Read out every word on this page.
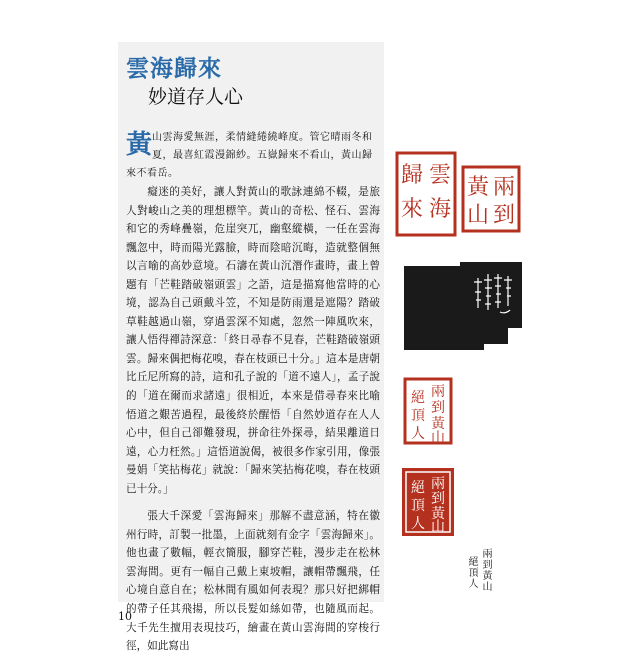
雲海歸來
妙道存人心
黃 山雲海愛無涯，柔情縫綣繞峰度。管它晴雨冬和
夏，最喜紅霞漫錦紗。五嶽歸來不看山，黃山歸
來不看岳。

癡迷的美好，讓人對黃山的歌詠連綿不輟，是旅人對峻山之美的理想標竿。黃山的奇松、怪石、雲海和它的秀峰疊嶺，危崖突兀，幽壑縱橫，一任在雲海飄忽中，時而陽光露臉，時而陰暗沉晦，造就整個無以言喻的高妙意境。石濤在黃山沉潛作畫時，畫上曾題有「芒鞋踏破嶺頭雲」之語，這是描寫他當時的心境，認為自己頭戴斗笠，不知是防雨還是遮陽？踏破草鞋越過山嶺，穿過雲深不知處，忽然一陣風吹來，讓人悟得禪詩深意：「終日尋春不見春，芒鞋踏破嶺頭雲。歸來偶把梅花嗅，春在枝頭已十分。」這本是唐朝比丘尼所寫的詩，這和孔子說的「道不遠人」，孟子說的「道在爾而求諸遠」很相近，本來是借尋春來比喻悟道之艱苦過程，最後終於醒悟「自然妙道存在人人心中，但自己卻難發現，拼命往外探尋，結果離道日遠，心力枉然。」這悟道說偈，被很多作家引用，像張曼娟「笑拈梅花」就說：「歸來笑拈梅花嗅，春在枝頭已十分。」

張大千深愛「雲海歸來」那解不盡意涵，特在徽州行時，訂製一批墨，上面就刻有金字「雲海歸來」。他也畫了數幅，輕衣簡服，腳穿芒鞋，漫步走在松林雲海間。更有一幅自己戴上東坡帽，讓帽帶飄飛，任心境自意自在；松林間有風如何表現？那只好把綁帽的帶子任其飛揚，所以長髮如絲如帶，也隨風而起。大千先生擅用表現技巧，繪畫在黃山雲海間的穿梭行徑，如此寫出

10
雲
海
歸
來
兩
到
黃
山
兩
到
黃
山
絕
頂
人
兩
到
黃
山
絕
頂
人
兩到黃山
絕頂人
